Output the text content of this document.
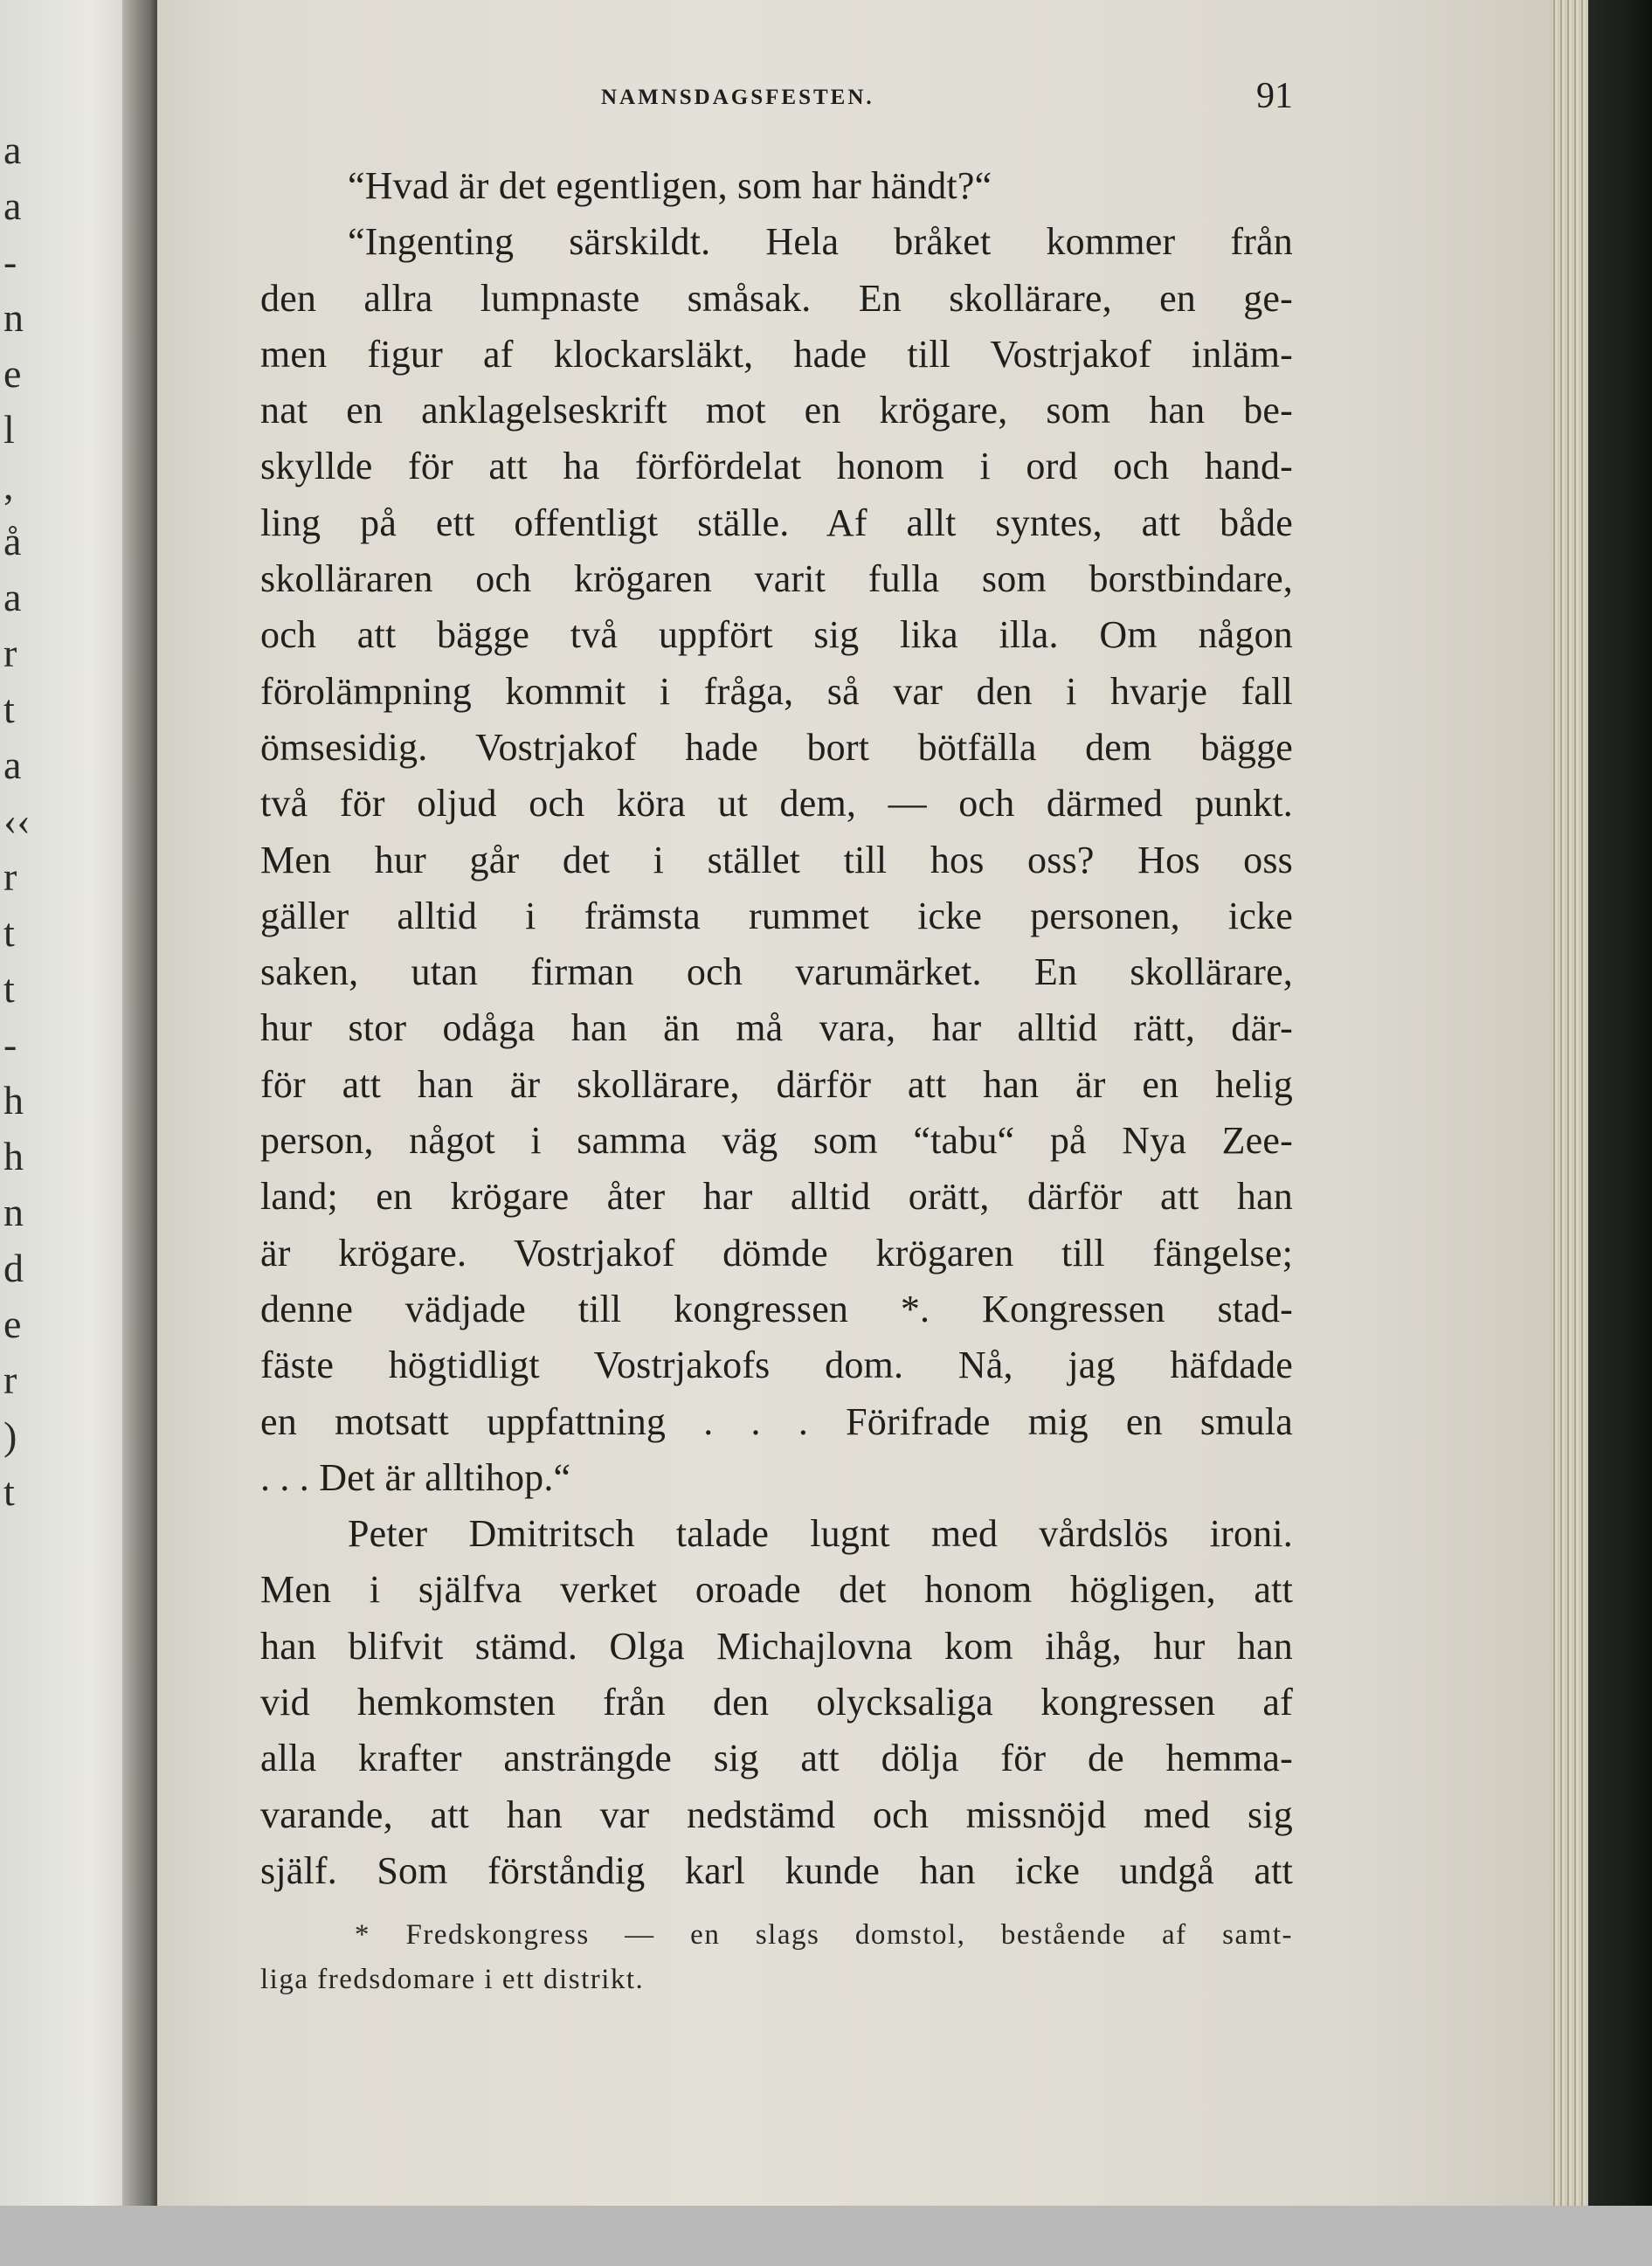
a
a
-
n
e
l
,
å
a
r
t
a
‹‹
r
t
t
-
h
h
n
d
e
r
)
t
NAMNSDAGSFESTEN.	91
“Hvad är det egentligen, som har händt?“
“Ingenting särskildt. Hela bråket kommer från
den allra lumpnaste småsak. En skollärare, en ge-
men figur af klockarsläkt, hade till Vostrjakof inläm-
nat en anklagelseskrift mot en krögare, som han be-
skyllde för att ha förfördelat honom i ord och hand-
ling på ett offentligt ställe. Af allt syntes, att både
skolläraren och krögaren varit fulla som borstbindare,
och att bägge två uppfört sig lika illa. Om någon
förolämpning kommit i fråga, så var den i hvarje fall
ömsesidig. Vostrjakof hade bort bötfälla dem bägge
två för oljud och köra ut dem, — och därmed punkt.
Men hur går det i stället till hos oss? Hos oss
gäller alltid i främsta rummet icke personen, icke
saken, utan firman och varumärket. En skollärare,
hur stor odåga han än må vara, har alltid rätt, där-
för att han är skollärare, därför att han är en helig
person, något i samma väg som “tabu“ på Nya Zee-
land; en krögare åter har alltid orätt, därför att han
är krögare. Vostrjakof dömde krögaren till fängelse;
denne vädjade till kongressen *. Kongressen stad-
fäste högtidligt Vostrjakofs dom. Nå, jag häfdade
en motsatt uppfattning . . . Förifrade mig en smula
. . . Det är alltihop.“
Peter Dmitritsch talade lugnt med vårdslös ironi.
Men i själfva verket oroade det honom högligen, att
han blifvit stämd. Olga Michajlovna kom ihåg, hur han
vid hemkomsten från den olycksaliga kongressen af
alla krafter ansträngde sig att dölja för de hemma-
varande, att han var nedstämd och missnöjd med sig
själf. Som förståndig karl kunde han icke undgå att
* Fredskongress — en slags domstol, bestående af samt-
liga fredsdomare i ett distrikt.
